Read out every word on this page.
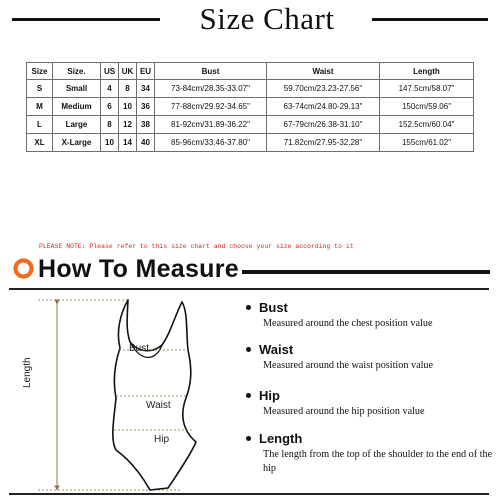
Size Chart
Size	Size.	US	UK	EU	Bust	Waist	Length
S	Small	4	8	34	73-84cm/28.35-33.07"	59.70cm/23.23-27.56"	147.5cm/58.07"
M	Medium	6	10	36	77-88cm/29.92-34.65"	63-74cm/24.80-29.13"	150cm/59.06"
L	Large	8	12	38	81-92cm/31.89-36.22"	67-79cm/26.38-31.10"	152.5cm/60.04"
XL	X-Large	10	14	40	85-96cm/33.46-37.80"	71.82cm/27.95-32.28"	155cm/61.02"
PLEASE NOTE: Please refer to this size chart and choose your size according to it
How To Measure
Length
Bust
Waist
Hip
Bust
Measured around the chest position value
Waist
Measured around the waist position value
Hip
Measured around the hip position value
Length
The length from the top of the shoulder to the end of the hip
